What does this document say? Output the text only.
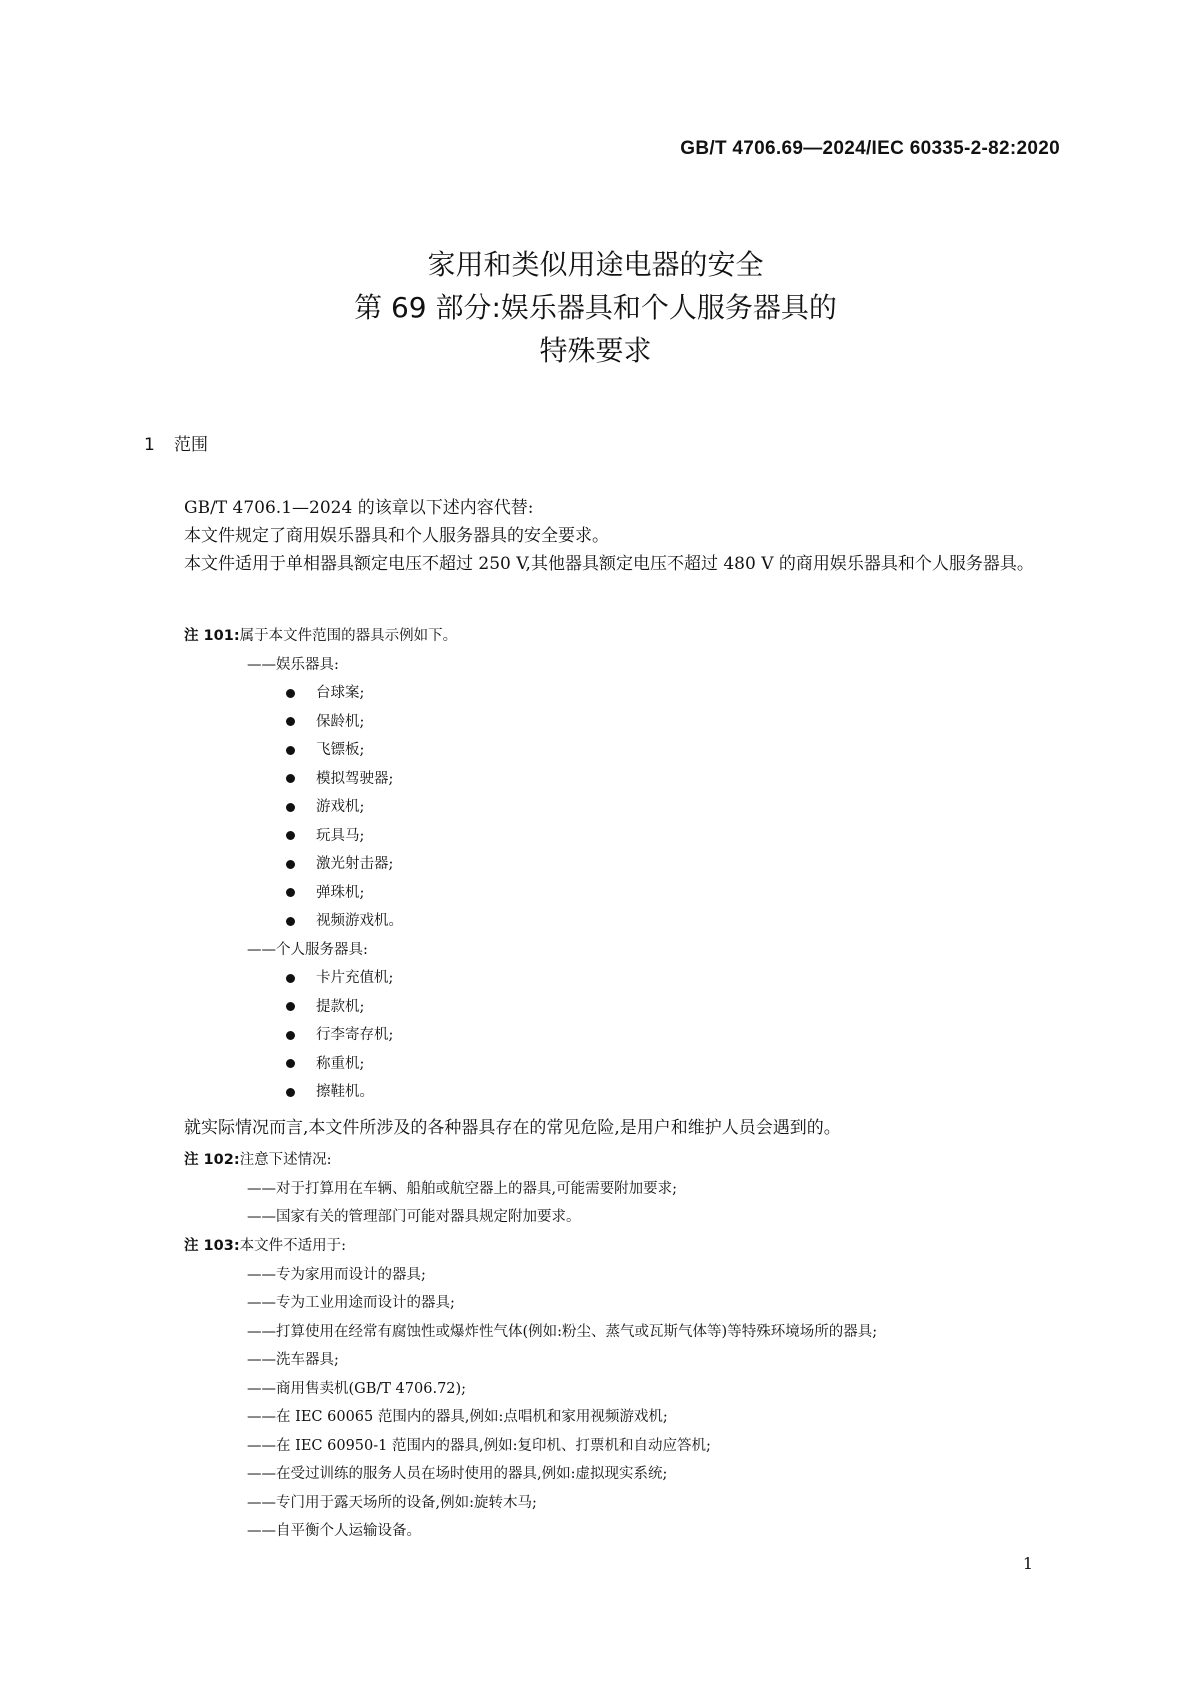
GB/T 4706.69—2024/IEC 60335-2-82:2020
家用和类似用途电器的安全
第 69 部分:娱乐器具和个人服务器具的
特殊要求
1 范围
GB/T 4706.1—2024 的该章以下述内容代替:
本文件规定了商用娱乐器具和个人服务器具的安全要求。
本文件适用于单相器具额定电压不超过 250 V,其他器具额定电压不超过 480 V 的商用娱乐器具和个人服务器具。
注 101:属于本文件范围的器具示例如下。
——娱乐器具:
台球案;
保龄机;
飞镖板;
模拟驾驶器;
游戏机;
玩具马;
激光射击器;
弹珠机;
视频游戏机。
——个人服务器具:
卡片充值机;
提款机;
行李寄存机;
称重机;
擦鞋机。
就实际情况而言,本文件所涉及的各种器具存在的常见危险,是用户和维护人员会遇到的。
注 102:注意下述情况:
——对于打算用在车辆、船舶或航空器上的器具,可能需要附加要求;
——国家有关的管理部门可能对器具规定附加要求。
注 103:本文件不适用于:
——专为家用而设计的器具;
——专为工业用途而设计的器具;
——打算使用在经常有腐蚀性或爆炸性气体(例如:粉尘、蒸气或瓦斯气体等)等特殊环境场所的器具;
——洗车器具;
——商用售卖机(GB/T 4706.72);
——在 IEC 60065 范围内的器具,例如:点唱机和家用视频游戏机;
——在 IEC 60950-1 范围内的器具,例如:复印机、打票机和自动应答机;
——在受过训练的服务人员在场时使用的器具,例如:虚拟现实系统;
——专门用于露天场所的设备,例如:旋转木马;
——自平衡个人运输设备。
1
